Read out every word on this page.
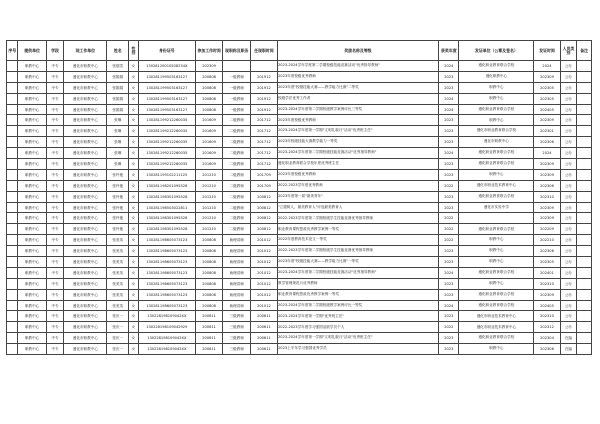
序号	提供单位	学段	现工作单位	姓名	性别	身份证号	参加工作时间	现职称及职务	任现职时间	奖励名称及等级	获奖年度	发证单位（公章及签名）	发证时间	人员类别	备注
	职教中心	中专	遵化市职教中心	张瑞雪	女	13028120010508234X	202309			2023-2024学年学度第二学期校级技能竞赛活动"优秀指导教师"	2024	遵化职业教育联合学校	2024	公办	
	职教中心	中专	遵化市职教中心	张娟娟	女	130281199503163127	200808	一级教师	201912	2023年度校级优秀教师	2023	遵化职教中心	202309	公办	
	职教中心	中专	遵化市职教中心	张娟娟	女	130281199503163127	200808	一级教师	201912	2023年度"校级技能大赛——教学能力比赛"二等奖	2023	职教中心	202305	公办	
	职教中心	中专	遵化市职教中心	张娟娟	女	130281199503163127	200808	一级教师	201912	校级学法优秀工作者	2024	职教中心	202305	公办	
	职教中心	中专	遵化市职教中心	张娟娟	女	130281199503163127	200808	一级教师	201912	2023-2024学年度第二学期校级教学案例评比三等奖	2024	遵化职业教育联合学校	202405	公办	
	职教中心	中专	遵化市职教中心	张琳	女	130281199212260035	201609	二级教师	201712	2023年度校级优秀教师	2023	职教中心	202309	公办	
	职教中心	中专	遵化市职教中心	张琳	女	130281199212260035	201609	二级教师	201712	2023-2024学年度第一学期"文明礼貌月"活动"优秀班主任"	2023	遵化市职业教育联合学校	202301	公办	
	职教中心	中专	遵化市职教中心	张琳	女	130281199212260035	201609	二级教师	201712	2023年校级技能大赛教学能力一等奖	2023	遵化市职教中心	202306	公办	
	职教中心	中专	遵化市职教中心	张琳	女	130281199212260035	201609	二级教师	201712	2023-2024学年度第二学期校级技能竞赛活动"优秀指导教师"	2024	遵化职业教育联合学校	2024	公办	
	职教中心	中专	遵化市职教中心	张琳	女	130281199212260035	201609	二级教师	201712	遵化职业教育联合学校年度优秀班主任	2023	遵化职业教育联合学校	202309	公办	
	职教中心	中专	遵化市职教中心	张玲艳	女	130281199102211125	201210	二级教师	201709	2023年度校级优秀教师	2023	职教中心	202309	公办	
	职教中心	中专	遵化市职教中心	张玲艳	女	130281198201095528	201210	二级教师	201709	2022-2023学年度优秀教师	2022	遵化市职业技术教育中心	202306	公办	
	职教中心	中专	遵化市职教中心	张玲艳	女	130281198301095528	201210	二级教师	200812	2023年度第一届"最美青年"	2023	遵化职业教育联合学校	202310	公办	
	职教中心	中专	遵化市职教中心	张玲艳	女	130281198503022811	201210	二级教师	200812	"立德树人，最美教育人"评选最美教育人	2023	遵化市实验中学	202309	公办	
	职教中心	中专	遵化市职教中心	张玲艳	女	130281198301095528	201210	二级教师	200812	2022-2023学年度第二学期校级学生技能竞赛优秀指导教师	2022		202309	公办	
	职教中心	中专	遵化市职教中心	张玲艳	女	130281198301095528	201210	二级教师	200812	职业教育课程思政优秀教学案例一等奖	2022	遵化职业教育联合学校	202209	公办	
	职教中心	中专	遵化市职教中心	张美英	女	130281198605073123	200808	助理讲师	201012	2022年度教育技术论文一等奖	2022	职教中心	202210	公办	
	职教中心	中专	遵化市职教中心	张美英	女	130281198605073123	200808	助理讲师	201012	2022-2023学年度第二学期校级学生技能竞赛优秀指导教师	2023	职教中心	202306	公办	
	职教中心	中专	遵化市职教中心	张美英	女	130281198605073123	200808	助理讲师	201012	2023年度"校级技能大赛——教学能力比赛"一等奖	2023	职教中心	202305	公办	
	职教中心	中专	遵化市职教中心	张美英	女	130281198605073123	200808	助理讲师	201012	2023-2024学年度第二学期校级技能竞赛活动"优秀指导教师"	2024	遵化职业教育联合学校	202401	公办	
	职教中心	中专	遵化市职教中心	张美英	女	130281198605073123	200808	助理讲师	201012	教学管理规范月优秀教师	2023	职教中心	202310	公办	
	职教中心	中专	遵化市职教中心	张美英	女	130281198605073123	200808	助理讲师	201012	职业教育课程思政优秀教学案例一等奖	2023	遵化职业教育联合学校	202309	公办	
	职教中心	中专	遵化市职教中心	张美英	女	130281198605073123	200808	助理讲师	201012	2023-2024学年度第二学期校级教学案例评比一等奖	2024	遵化职业教育联合学校	202405	公办	
	职教中心	中专	遵化市职教中心	张庆一	女	130228198109042XX	200611	三级教师	200611	2023-2024学年度第一学期"优秀班主任"	2023	遵化市职业技术教育中心	202310	公办	
	职教中心	中专	遵化市职教中心	张庆一	女	130228198109042929	200611	三级教师	200611	2022-2023学年度学习强国活跃学员个人	2022	遵化市职业技术教育中心	202312	公办	
	职教中心	中专	遵化市职教中心	张庆一	女	130228198109042XX	200611	三级教师	200611	2023-2024学年度第一学期"文明礼貌月"活动"优秀班主任"	2023	遵化职业教育联合学校	202304	在编	
	职教中心	中专	遵化市职教中心	张庆一	女	130228198109042XX	200611	三级教师	200611	2023上半年学习强国优秀学员	2023	职教中心	202306	在编	
